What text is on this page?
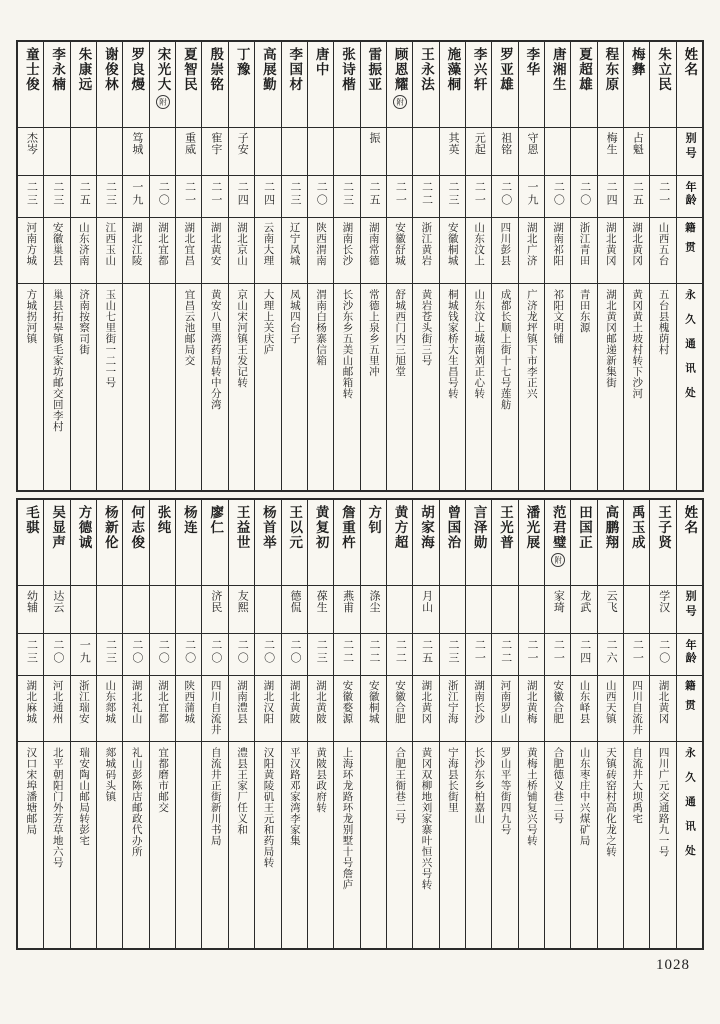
姓名
别号
年龄
籍贯
永久通讯处
朱立民
二一
山西五台
五台县槐荫村
梅彝
占魁
二五
湖北黄冈
黄冈黄土坡村转下沙河
程东原
梅生
二四
湖北黄冈
湖北黄冈邮递新集街
夏超雄
二〇
浙江青田
青田东源
唐湘生
二〇
湖南祁阳
祁阳文明铺
李华
守恩
一九
湖北广济
广济龙坪镇下市李正兴
罗亚雄
祖铭
二〇
四川彭县
成都长顺上街十七号莲舫
李兴轩
元起
二一
山东汶上
山东汶上城南刘正心转
施藻桐
其英
二三
安徽桐城
桐城钱家桥大生昌号转
王永法
二二
浙江黄岩
黄岩苍头街三号
顾恩耀附
二一
安徽舒城
舒城西门内三旭堂
雷振亚
振
二五
湖南常德
常德上泉乡五里冲
张诗楷
二三
湖南长沙
长沙东乡五美山邮箱转
唐中
二〇
陕西渭南
渭南白杨寨信箱
李国材
二三
辽宁凤城
凤城四台子
高展勤
二四
云南大理
大理上关庆庐
丁豫
子安
二四
湖北京山
京山宋河镇王发记转
殷崇铭
寉宇
二一
湖北黄安
黄安八里湾药局转中分湾
夏智民
重威
二一
湖北宜昌
宜昌云池邮局交
宋光大附
二〇
湖北宜都
罗良熳
笃城
一九
湖北江陵
谢俊林
二三
江西玉山
玉山七里街一二一号
朱康远
二五
山东济南
济南按察司街
李永楠
二三
安徽巢县
巢县拓皋镇毛家坊邮交回李村
童士俊
杰岑
二三
河南方城
方城拐河镇
姓名
别号
年龄
籍贯
永久通讯处
王子贤
学汉
二〇
湖北黄冈
四川广元交通路九一号
禹玉成
二一
四川自流井
自流井大坝禹宅
高鹏翔
云飞
二六
山西天镇
天镇砖窑村高化龙之转
田国正
龙武
二四
山东峄县
山东枣庄中兴煤矿局
范君璧附
家琦
二一
安徽合肥
合肥德义巷二号
潘光展
二一
湖北黄梅
黄梅土桥铺复兴号转
王光普
二二
河南罗山
罗山平等街四九号
言泽勋
二一
湖南长沙
长沙东乡柏嘉山
曾国治
二三
浙江宁海
宁海县长街里
胡家海
月山
二五
湖北黄冈
黄冈双柳地刘家寨叶恒兴号转
黄方超
二二
安徽合肥
合肥王衙巷二号
方钊
涤尘
二二
安徽桐城
詹重杵
燕甫
二二
安徽婺源
上海环龙路环龙别墅十号詹庐
黄复初
葆生
二三
湖北黄陂
黄陂县政府转
王以元
德侃
二〇
湖北黄陂
平汉路邓家湾李家集
杨首举
二〇
湖北汉阳
汉阳黄陵矶王元和药局转
王益世
友熙
二〇
湖南澧县
澧县王家厂任义和
廖仁
济民
二〇
四川自流井
自流井正街新川书局
杨连
二〇
陕西蒲城
张纯
二〇
湖北宜都
宜都磨市邮交
何志俊
二〇
湖北礼山
礼山彭陈店邮政代办所
杨新伦
二三
山东郯城
郯城码头镇
方德诚
一九
浙江瑞安
瑞安陶山邮局转彭宅
吴显声
达云
二〇
河北通州
北平朝阳门外芳草地六号
毛骐
幼辅
二三
湖北麻城
汉口宋埠潘塘邮局
1028
